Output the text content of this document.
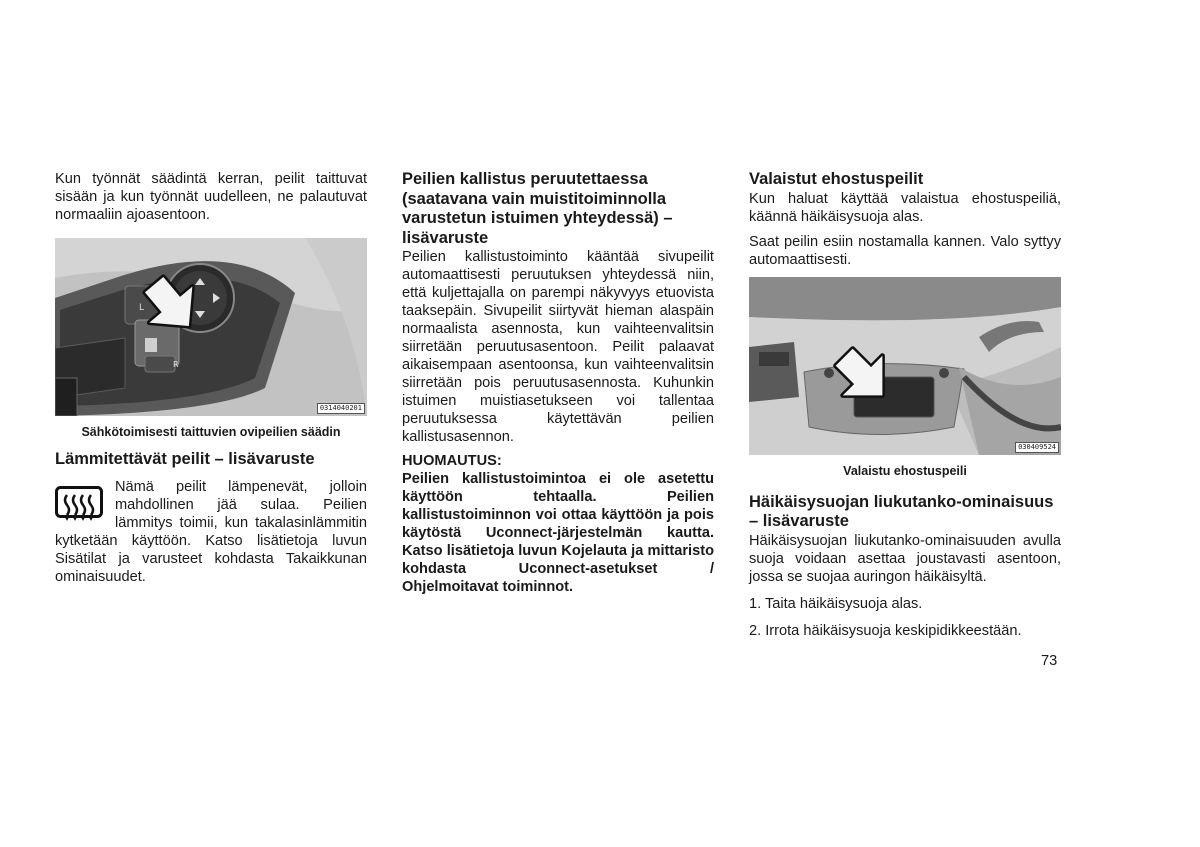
Kun työnnät säädintä kerran, peilit taittuvat sisään ja kun työnnät uudelleen, ne palautuvat normaaliin ajoasentoon.

L
R
0314040201
Sähkötoimisesti taittuvien ovipeilien säädin
Lämmitettävät peilit – lisävaruste

Nämä peilit lämpenevät, jolloin mahdollinen jää sulaa. Peilien lämmitys toimii, kun takalasinlämmitin kytketään käyttöön. Katso lisätietoja luvun Sisätilat ja varusteet kohdasta Takaikkunan ominaisuudet.

Peilien kallistus peruutettaessa (saatavana vain muistitoiminnolla varustetun istuimen yhteydessä) – lisävaruste

Peilien kallistustoiminto kääntää sivupeilit automaattisesti peruutuksen yhteydessä niin, että kuljettajalla on parempi näkyvyys etuovista taaksepäin. Sivupeilit siirtyvät hieman alaspäin normaalista asennosta, kun vaihteenvalitsin siirretään peruutusasentoon. Peilit palaavat aikaisempaan asentoonsa, kun vaihteenvalitsin siirretään pois peruutusasennosta. Kuhunkin istuimen muistiasetukseen voi tallentaa peruutuksessa käytettävän peilien kallistusasennon.

HUOMAUTUS:

Peilien kallistustoimintoa ei ole asetettu käyttöön tehtaalla. Peilien kallistustoiminnon voi ottaa käyttöön ja pois käytöstä Uconnect-järjestelmän kautta. Katso lisätietoja luvun Kojelauta ja mittaristo kohdasta Uconnect-asetukset / Ohjelmoitavat toiminnot.

Valaistut ehostuspeilit

Kun haluat käyttää valaistua ehostuspeiliä, käännä häikäisysuoja alas.

Saat peilin esiin nostamalla kannen. Valo syttyy automaattisesti.

030409524
Valaistu ehostuspeili
Häikäisysuojan liukutanko-ominaisuus – lisävaruste

Häikäisysuojan liukutanko-ominaisuuden avulla suoja voidaan asettaa joustavasti asentoon, jossa se suojaa auringon häikäisyltä.

1. Taita häikäisysuoja alas.
2. Irrota häikäisysuoja keskipidikkeestään.
73
